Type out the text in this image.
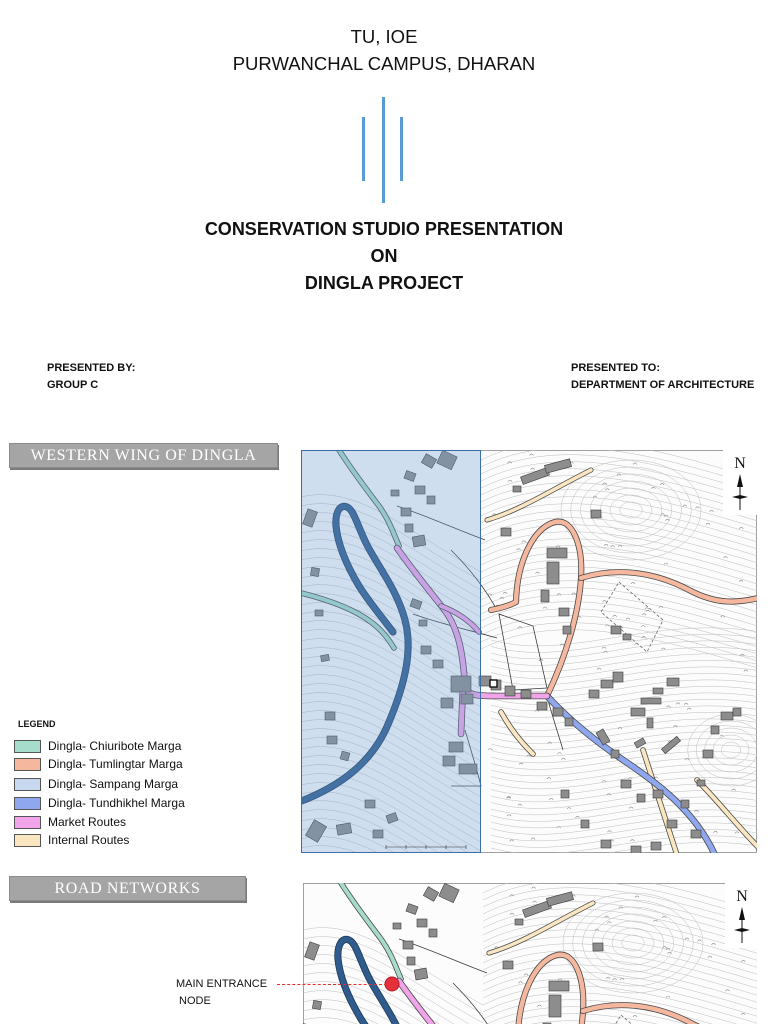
TU, IOE
PURWANCHAL CAMPUS, DHARAN
CONSERVATION STUDIO PRESENTATION
ON
DINGLA PROJECT
PRESENTED BY:
GROUP C
PRESENTED TO:
DEPARTMENT OF ARCHITECTURE
WESTERN WING OF DINGLA	N
LEGEND
Dingla- Chiuribote Marga
Dingla- Tumlingtar Marga
Dingla- Sampang Marga
Dingla- Tundhikhel Marga
Market Routes
Internal Routes
ROAD NETWORKS	N
MAIN ENTRANCE
NODE
